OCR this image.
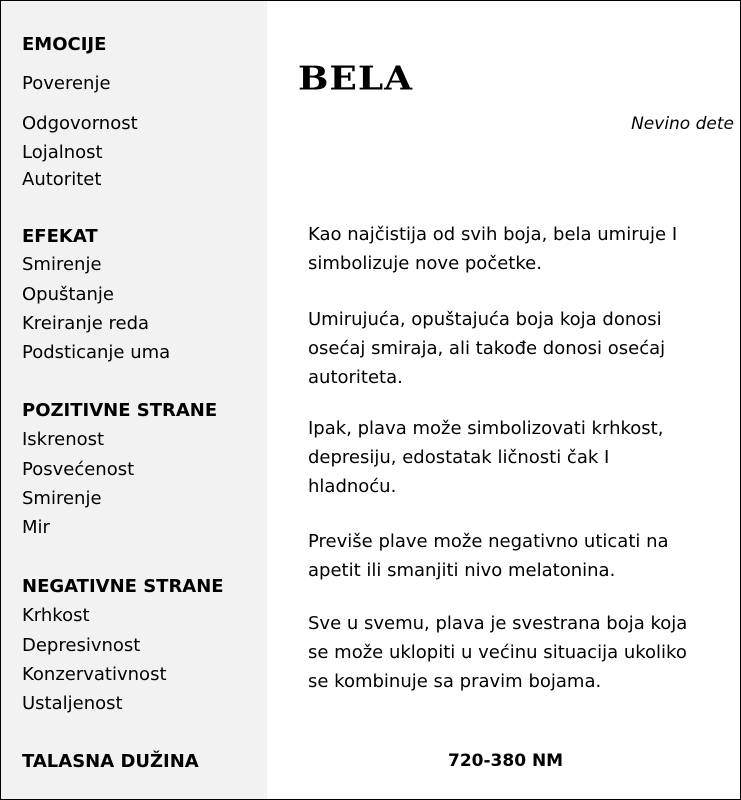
EMOCIJE
Poverenje
Odgovornost
Lojalnost
Autoritet
EFEKAT
Smirenje
Opuštanje
Kreiranje reda
Podsticanje uma
POZITIVNE STRANE
Iskrenost
Posvećenost
Smirenje
Mir
NEGATIVNE STRANE
Krhkost
Depresivnost
Konzervativnost
Ustaljenost
TALASNA DUŽINA
BELA
Nevino dete
Kao najčistija od svih boja, bela umiruje I simbolizuje nove početke.
Umirujuća, opuštajuća boja koja donosi osećaj smiraja, ali takođe donosi osećaj autoriteta.
Ipak, plava može simbolizovati krhkost, depresiju, edostatak ličnosti čak I hladnoću.
Previše plave može negativno uticati na apetit ili smanjiti nivo melatonina.
Sve u svemu, plava je svestrana boja koja se može uklopiti u većinu situacija ukoliko se kombinuje sa pravim bojama.
720-380 NM
